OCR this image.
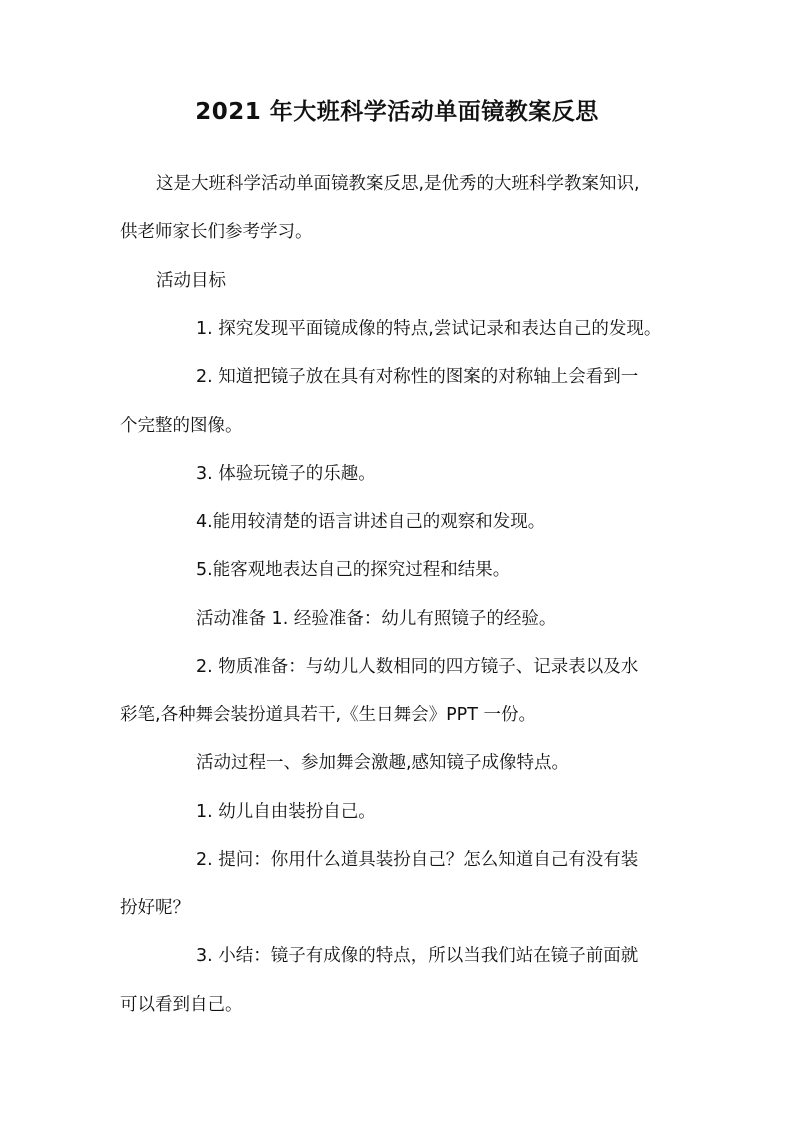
2021 年大班科学活动单面镜教案反思

这是大班科学活动单面镜教案反思,是优秀的大班科学教案知识,

供老师家长们参考学习。

活动目标

1. 探究发现平面镜成像的特点,尝试记录和表达自己的发现。

2. 知道把镜子放在具有对称性的图案的对称轴上会看到一

个完整的图像。

3. 体验玩镜子的乐趣。

4.能用较清楚的语言讲述自己的观察和发现。

5.能客观地表达自己的探究过程和结果。

活动准备 1. 经验准备：幼儿有照镜子的经验。

2. 物质准备：与幼儿人数相同的四方镜子、记录表以及水

彩笔,各种舞会装扮道具若干,《生日舞会》PPT 一份。

活动过程一、参加舞会激趣,感知镜子成像特点。

1. 幼儿自由装扮自己。

2. 提问：你用什么道具装扮自己？怎么知道自己有没有装

扮好呢？

3. 小结：镜子有成像的特点，所以当我们站在镜子前面就

可以看到自己。
